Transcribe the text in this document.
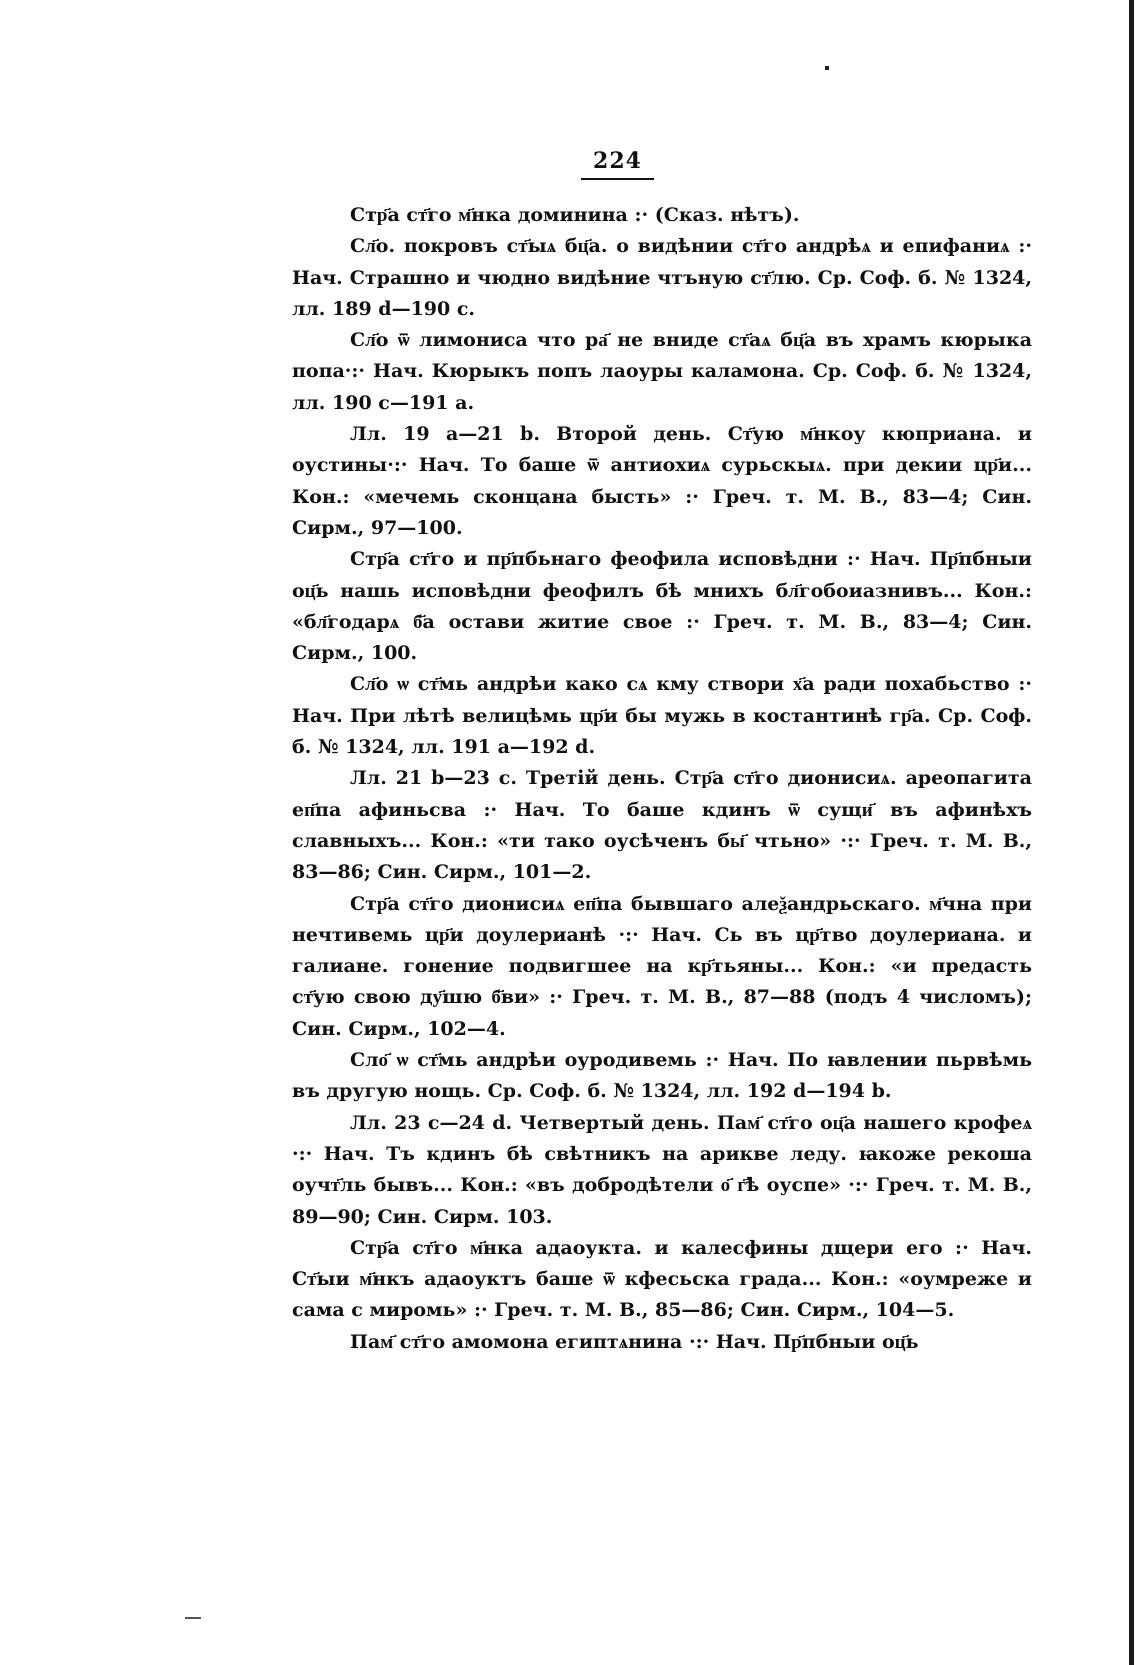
224

Стр҃а ст҃го м҃нка доминина :· (Сказ. нѣтъ).

Сл҃о. покровъ ст҃ыѧ бц҃а. о видѣнии ст҃го андрѣѧ и епифаниѧ :· Нач. Страшно и чюдно видѣние чтъную ст҃лю. Ср. Соф. б. № 1324, лл. 189 d—190 с.

Сл҃о ѿ лимониса что ра҃ не вниде ст҃аѧ бц҃а въ храмъ кюрыка попа·:· Нач. Кюрыкъ попъ лаоуры каламона. Ср. Соф. б. № 1324, лл. 190 с—191 а.

Лл. 19 а—21 b. Второй день. Ст҃ую м҃нкоу кюприана. и оустины·:· Нач. То баше ѿ антиохиѧ сурьскыѧ. при декии цр҃и... Кон.: «мечемь сконцана бысть» :· Греч. т. М. В., 83—4; Син. Сирм., 97—100.

Стр҃а ст҃го и пр҃пбьнаго феофила исповѣдни :· Нач. Пр҃пбныи оц҃ь нашь исповѣдни феофилъ бѣ мнихъ бл҃гобоиазнивъ... Кон.: «бл҃годарѧ б҃а остави житие свое :· Греч. т. М. В., 83—4; Син. Сирм., 100.

Сл҃о ѡ ст҃мь андрѣи како сѧ кму створи х҃а ради похабьство :· Нач. При лѣтѣ велицѣмь цр҃и бы мужь в костантинѣ гр҃а. Ср. Соф. б. № 1324, лл. 191 а—192 d.

Лл. 21 b—23 с. Третій день. Стр҃а ст҃го дионисиѧ. ареопагита еп҃па афиньсва :· Нач. То баше кдинъ ѿ сущи҃ въ афинѣхъ славныхъ... Кон.: «ти тако оусѣченъ бы҃ чтьно» ·:· Греч. т. М. В., 83—86; Син. Сирм., 101—2.

Стр҃а ст҃го дионисиѧ еп҃па бывшаго алеѯандрьскаго. м҃чна при нечтивемь цр҃и доулерианѣ ·:· Нач. Сь въ цр҃тво доулериана. и галиане. гонение подвигшее на кр҃тьяны... Кон.: «и предасть ст҃ую свою ду҃шю б҃ви» :· Греч. т. М. В., 87—88 (подъ 4 числомъ); Син. Сирм., 102—4.

Сло҃ ѡ ст҃мь андрѣи оуродивемь :· Нач. По ꙗвлении пьрвѣмь въ другую нощь. Ср. Соф. б. № 1324, лл. 192 d—194 b.

Лл. 23 с—24 d. Четвертый день. Пам҃ ст҃го оц҃а нашего крофеѧ ·:· Нач. Тъ кдинъ бѣ свѣтникъ на арикве леду. ꙗкоже рекоша оучт҃ль бывъ... Кон.: «въ добродѣтели о҃ г҃ѣ оуспе» ·:· Греч. т. М. В., 89—90; Син. Сирм. 103.

Стр҃а ст҃го м҃нка адаоукта. и калесфины дщери его :· Нач. Ст҃ыи м҃нкъ адаоуктъ баше ѿ кфесьска града... Кон.: «оумреже и сама с миромь» :· Греч. т. М. В., 85—86; Син. Сирм., 104—5.

Пам҃ ст҃го амомона египтѧнина ·:· Нач. Пр҃пбныи оц҃ь
